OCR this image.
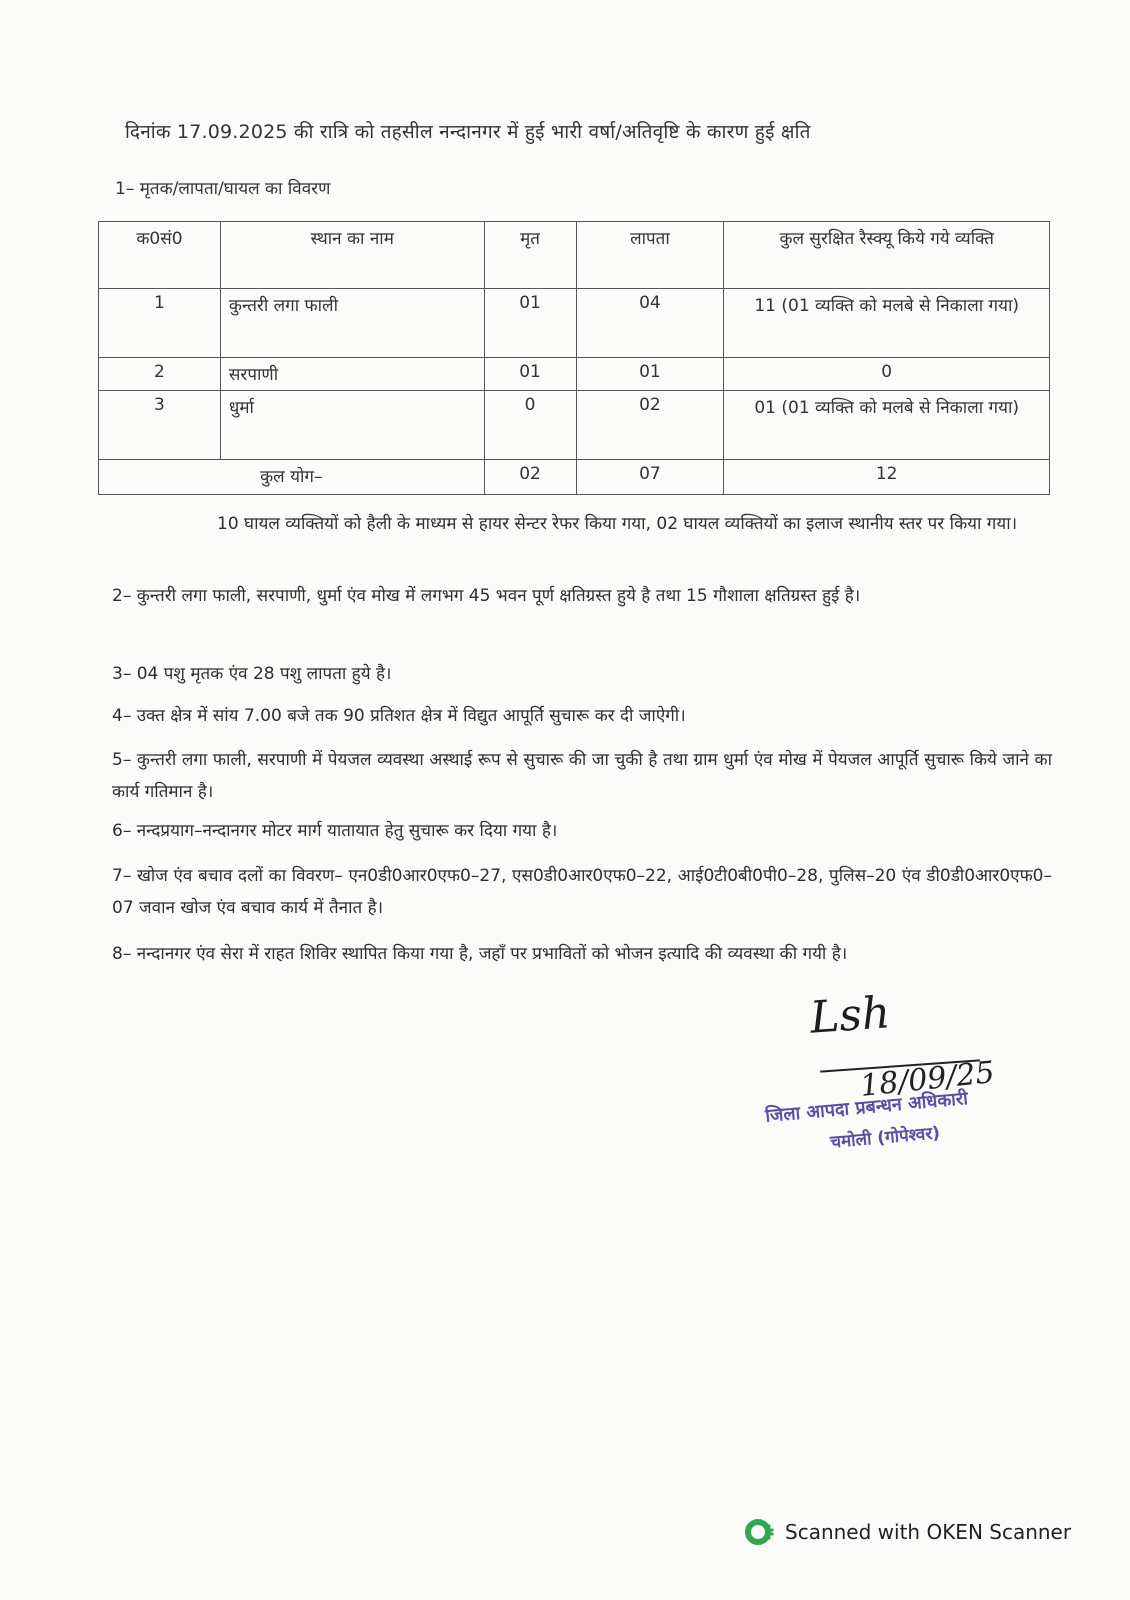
दिनांक 17.09.2025 की रात्रि को तहसील नन्दानगर में हुई भारी वर्षा/अतिवृष्टि के कारण हुई क्षति
1– मृतक/लापता/घायल का विवरण
क0सं0	स्थान का नाम	मृत	लापता	कुल सुरक्षित रैस्क्यू किये गये व्यक्ति
1	कुन्तरी लगा फाली	01	04	11 (01 व्यक्ति को मलबे से निकाला गया)
2	सरपाणी	01	01	0
3	धुर्मा	0	02	01 (01 व्यक्ति को मलबे से निकाला गया)
कुल योग–		02	07	12
10 घायल व्यक्तियों को हैली के माध्यम से हायर सेन्टर रेफर किया गया, 02 घायल व्यक्तियों का इलाज स्थानीय स्तर पर किया गया।
2– कुन्तरी लगा फाली, सरपाणी, धुर्मा एंव मोख में लगभग 45 भवन पूर्ण क्षतिग्रस्त हुये है तथा 15 गौशाला क्षतिग्रस्त हुई है।
3– 04 पशु मृतक एंव 28 पशु लापता हुये है।
4– उक्त क्षेत्र में सांय 7.00 बजे तक 90 प्रतिशत क्षेत्र में विद्युत आपूर्ति सुचारू कर दी जाऐगी।
5– कुन्तरी लगा फाली, सरपाणी में पेयजल व्यवस्था अस्थाई रूप से सुचारू की जा चुकी है तथा ग्राम धुर्मा एंव मोख में पेयजल आपूर्ति सुचारू किये जाने का कार्य गतिमान है।
6– नन्दप्रयाग–नन्दानगर मोटर मार्ग यातायात हेतु सुचारू कर दिया गया है।
7– खोज एंव बचाव दलों का विवरण– एन0डी0आर0एफ0–27, एस0डी0आर0एफ0–22, आई0टी0बी0पी0–28, पुलिस–20 एंव डी0डी0आर0एफ0–07 जवान खोज एंव बचाव कार्य में तैनात है।
8– नन्दानगर एंव सेरा में राहत शिविर स्थापित किया गया है, जहाँ पर प्रभावितों को भोजन इत्यादि की व्यवस्था की गयी है।
Lsh
18/09/25
जिला आपदा प्रबन्धन अधिकारी
चमोली (गोपेश्वर)
Scanned with OKEN Scanner
